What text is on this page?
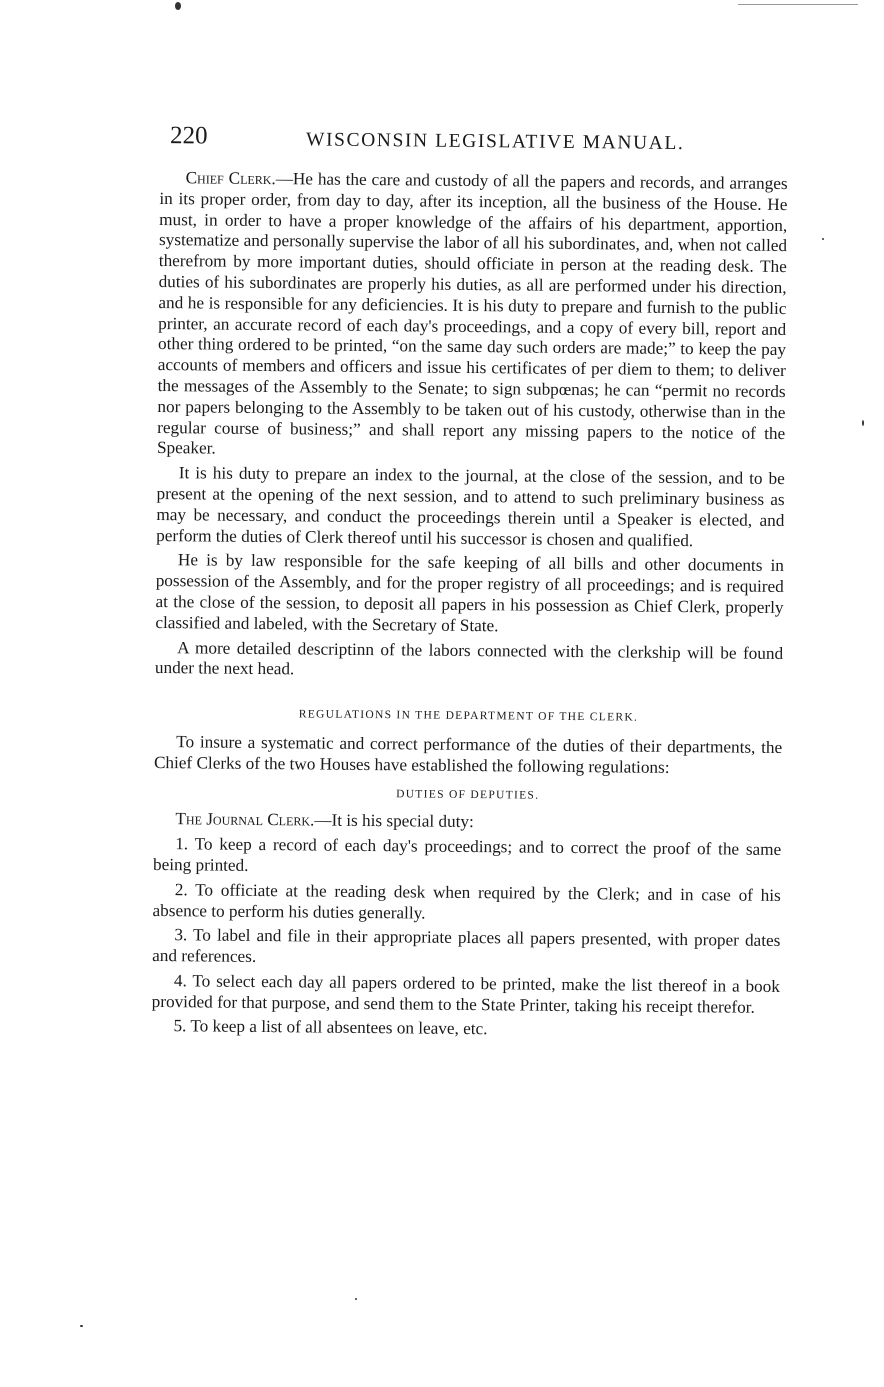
220	WISCONSIN LEGISLATIVE MANUAL.

Chief Clerk.—He has the care and custody of all the papers and records, and arranges in its proper order, from day to day, after its inception, all the business of the House. He must, in order to have a proper knowledge of the affairs of his department, apportion, systematize and personally supervise the labor of all his subordinates, and, when not called therefrom by more important duties, should officiate in person at the reading desk. The duties of his subordinates are properly his duties, as all are performed under his direction, and he is responsible for any deficiencies. It is his duty to prepare and furnish to the public printer, an accurate record of each day's proceedings, and a copy of every bill, report and other thing ordered to be printed, “on the same day such orders are made;” to keep the pay accounts of members and officers and issue his certificates of per diem to them; to deliver the messages of the Assembly to the Senate; to sign subpœnas; he can “permit no records nor papers belonging to the Assembly to be taken out of his custody, otherwise than in the regular course of business;” and shall report any missing papers to the notice of the Speaker.

It is his duty to prepare an index to the journal, at the close of the session, and to be present at the opening of the next session, and to attend to such preliminary business as may be necessary, and conduct the proceedings therein until a Speaker is elected, and perform the duties of Clerk thereof until his successor is chosen and qualified.

He is by law responsible for the safe keeping of all bills and other documents in possession of the Assembly, and for the proper registry of all proceedings; and is required at the close of the session, to deposit all papers in his possession as Chief Clerk, properly classified and labeled, with the Secretary of State.

A more detailed descriptinn of the labors connected with the clerkship will be found under the next head.

REGULATIONS IN THE DEPARTMENT OF THE CLERK.

To insure a systematic and correct performance of the duties of their departments, the Chief Clerks of the two Houses have established the following regulations:

DUTIES OF DEPUTIES.

The Journal Clerk.—It is his special duty:

1. To keep a record of each day's proceedings; and to correct the proof of the same being printed.

2. To officiate at the reading desk when required by the Clerk; and in case of his absence to perform his duties generally.

3. To label and file in their appropriate places all papers presented, with proper dates and references.

4. To select each day all papers ordered to be printed, make the list thereof in a book provided for that purpose, and send them to the State Printer, taking his receipt therefor.

5. To keep a list of all absentees on leave, etc.
